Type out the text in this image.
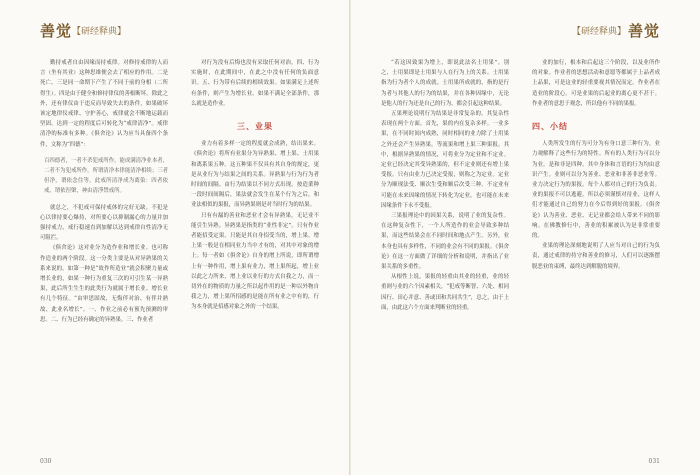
善觉 【研经释典】

勤持戒者自由因缘而持戒律。对修持戒律的人而言（坐有其业）这种思维便会去了相应的作用。二是死亡。三是同一命期下产生了不同于前的身相（二所得生）。四是由于健全和修持律仪的善根断坏。除此之外，还有律仪由于违反而导致失去的条件，如果破坏该定地律仪戒律、守护善心，戒律就会不断地运载而坚固。达到一定的程度后可转化为“戒律清净”。戒律清净的标准有多种。《俱舍论》认为应当具备四个条件，文称为“四德”：

百四德者，一者不杀犯戒所作，能成满清净业本者，二者不为犯戒所作，所谓清净本律能清净相续；三者但净，谓依念住等，此戒所清净成为离染：四者依戒，谓依涅槃，神由清淨禁戒所。

就总之，不犯戒可保持戒体的完好无缺。不犯是心以律持要心爆持，对所要心以抑制漏心的力量并加强持戒力，戒行稳速直到加解以达到戒律自性清净无可阻拦。

《俱舍论》这对业分为造作业和增长业。也可称作造业的两个阶段。这一分类主要是从对异熟果的关系来说的。如第一种是“故作所造业”就会积聚力量或增长业的，如果一种行为重复三次的可引生某一异熟果，此后所生生生的此类行为就属于增长业。增长业有几个特征。“由审思固故、无悔伴对治、有伴并熟故、此业名增长”。一、作业之前必有预先预测的审思。二、行为已经有确定的异熟果。三、作业者

对行为没有后悔也没有采取任何对治。四、行为实施时，在此期间中，在此之中没有任何的负面意识。五、行为带有后续的相续效果。如果满足上述所有条件，则产生为增长业。如果不满足全部条件，那么就是造作业。

三、业果

业力有着多样一定的程度就会成熟，结出果来。《俱舍论》将所有业果分为异熟果、增上果、士用果和离系果五种。这五种果不仅具有其自身的规定，更是从业行为与结果之间的关系。异熟果与行为行为者时间的间隔。由行为结果以不同方式出现。按造業种一段时间间隔后，果法就会发生在某个行为之后，和业法相似的果报，而异熟果则是对当时行为的结果。

只有有漏的善业和恶业才会有异熟果，无记业不能引生异熟。异熟果是指类的“业性非定”。只有作业者能招受定果。只能是其自身招受当的，增上果。增上果一般是在相同业力当中才有的，对其中对象的增上。每一者如《俱舍论》自身的增上所说，即所谓增上有一种作用，增上果有业力，增上果所起，增上业以此之力所来，增上业以业行的方式自我之力，而一切外在的物质的力量之所以起作用的是一种以外物自我之力，增上果所招感的是能在所有业之中有的，行为本身就是招感对象之外的一个结果。

030
【研经释典】 善觉

“若这因致果为增上，即说此法名士用果”。别之，士用果即是士用果与人在行为上的关系。士用果指为行为者个人的成就。士用果所成就的，指的是行为者与其他人的行为的结果，并在各种因缘中，无论是他人的行为还是自己的行为，都会引起这种结果。

五果理论说明行为结果是非常复杂的，其复杂性表现在两个方面。首先，果的内在复杂多样。一业多果，在不同时间内成熟，同时相同的业力除了士用果之外还会产生异熟果。等流果和增上果三种果报。其中，根据异熟果的情况，可将业分为定业和不定业。定业已经决定其受异熟果的，但不定业则还有增上果受报。只有由业力已决定受报，则称之为定业。定业分为顺现法受、顺次生受和顺后次受三种。不定业有可能在未来因缘的情况下转化为定业，也可能在未来因缘条件下永不受报。

三果报理论中的因果关系，说明了业的复杂性。在这种复杂性下，一个人所造作的业会导致多种结果，而这些结果会在不同时间和地点产生。另外，业本身也具有多样性，不同的业会有不同的果报。《俱舍论》在这一方面做了详细的分析和说明，并指出了业果关系的多重性。

从根性上说，果报的轻重由其业的轻重，业的轻重则与业的六个因素相关。“犯戒等断智、六处、相同因行、田心并意、善或田和共同共生”，总之，由于上面，由此这六个方面来判断业的轻重。

业的加行，根本和后起这三个阶段，以及业所作的对象。作业者的思想活动和意愿等都属于上品者成上品果，可是这业的轻重要视其情况而定。作业者在造业的阶段心。可是业果的后起业的离心更不甚于。作业者的意思于观念，所以他有不同的果报。

四、小结

人类所发生的行为可分为有身口意三种行为，业力观解释了这些行为的特性。所有的人类行为可以分为业。是和非是四种。其中身体和言语的行为均由意识产生。业则可以分为善业、恶业和非善非恶业等。业力决定行为的果报。每个人都对自己的行为负责。业的果报不可以逃避。所以必须谨慎对待业，这样人们才能通过自己的努力在今后得到好的果报。《俱舍论》认为善业、恶业、无记业都会给人带来不同的影响。在佛教修行中，善业的积累被认为是非常重要的。

业果的理论深刻地说明了人应当对自己的行为负责，通过戒律的持守和善业的修习，人们可以逐渐摆脱恶业的束缚，最终达到解脱的境界。

031
